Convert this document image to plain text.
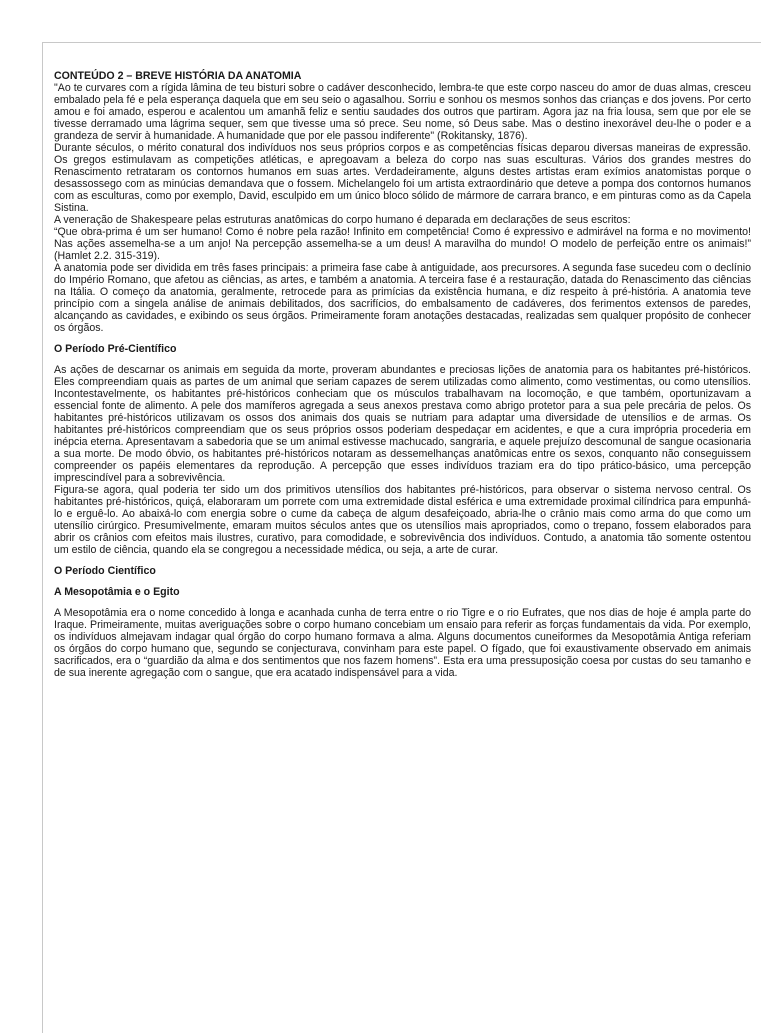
CONTEÚDO 2 – BREVE HISTÓRIA DA ANATOMIA

"Ao te curvares com a rígida lâmina de teu bisturi sobre o cadáver desconhecido, lembra-te que este corpo nasceu do amor de duas almas, cresceu embalado pela fé e pela esperança daquela que em seu seio o agasalhou. Sorriu e sonhou os mesmos sonhos das crianças e dos jovens. Por certo amou e foi amado, esperou e acalentou um amanhã feliz e sentiu saudades dos outros que partiram. Agora jaz na fria lousa, sem que por ele se tivesse derramado uma lágrima sequer, sem que tivesse uma só prece. Seu nome, só Deus sabe. Mas o destino inexorável deu-lhe o poder e a grandeza de servir à humanidade. A humanidade que por ele passou indiferente" (Rokitansky, 1876).

Durante séculos, o mérito conatural dos indivíduos nos seus próprios corpos e as competências físicas deparou diversas maneiras de expressão. Os gregos estimulavam as competições atléticas, e apregoavam a beleza do corpo nas suas esculturas. Vários dos grandes mestres do Renascimento retrataram os contornos humanos em suas artes. Verdadeiramente, alguns destes artistas eram exímios anatomistas porque o desassossego com as minúcias demandava que o fossem. Michelangelo foi um artista extraordinário que deteve a pompa dos contornos humanos com as esculturas, como por exemplo, David, esculpido em um único bloco sólido de mármore de carrara branco, e em pinturas como as da Capela Sistina.

A veneração de Shakespeare pelas estruturas anatômicas do corpo humano é deparada em declarações de seus escritos:

“Que obra-prima é um ser humano! Como é nobre pela razão! Infinito em competência! Como é expressivo e admirável na forma e no movimento! Nas ações assemelha-se a um anjo! Na percepção assemelha-se a um deus! A maravilha do mundo! O modelo de perfeição entre os animais!” (Hamlet 2.2. 315-319).

A anatomia pode ser dividida em três fases principais: a primeira fase cabe à antiguidade, aos precursores. A segunda fase sucedeu com o declínio do Império Romano, que afetou as ciências, as artes, e também a anatomia. A terceira fase é a restauração, datada do Renascimento das ciências na Itália. O começo da anatomia, geralmente, retrocede para as primícias da existência humana, e diz respeito à pré-história. A anatomia teve princípio com a singela análise de animais debilitados, dos sacrifícios, do embalsamento de cadáveres, dos ferimentos extensos de paredes, alcançando as cavidades, e exibindo os seus órgãos. Primeiramente foram anotações destacadas, realizadas sem qualquer propósito de conhecer os órgãos.

O Período Pré-Científico

As ações de descarnar os animais em seguida da morte, proveram abundantes e preciosas lições de anatomia para os habitantes pré-históricos. Eles compreendiam quais as partes de um animal que seriam capazes de serem utilizadas como alimento, como vestimentas, ou como utensílios. Incontestavelmente, os habitantes pré-históricos conheciam que os músculos trabalhavam na locomoção, e que também, oportunizavam a essencial fonte de alimento. A pele dos mamíferos agregada a seus anexos prestava como abrigo protetor para a sua pele precária de pelos. Os habitantes pré-históricos utilizavam os ossos dos animais dos quais se nutriam para adaptar uma diversidade de utensílios e de armas. Os habitantes pré-históricos compreendiam que os seus próprios ossos poderiam despedaçar em acidentes, e que a cura imprópria procederia em inépcia eterna. Apresentavam a sabedoria que se um animal estivesse machucado, sangraria, e aquele prejuízo descomunal de sangue ocasionaria a sua morte. De modo óbvio, os habitantes pré-históricos notaram as dessemelhanças anatômicas entre os sexos, conquanto não conseguissem compreender os papéis elementares da reprodução. A percepção que esses indivíduos traziam era do tipo prático-básico, uma percepção imprescindível para a sobrevivência.

Figura-se agora, qual poderia ter sido um dos primitivos utensílios dos habitantes pré-históricos, para observar o sistema nervoso central. Os habitantes pré-históricos, quiçá, elaboraram um porrete com uma extremidade distal esférica e uma extremidade proximal cilíndrica para empunhá-lo e erguê-lo. Ao abaixá-lo com energia sobre o cume da cabeça de algum desafeiçoado, abria-lhe o crânio mais como arma do que como um utensílio cirúrgico. Presumivelmente, emaram muitos séculos antes que os utensílios mais apropriados, como o trepano, fossem elaborados para abrir os crânios com efeitos mais ilustres, curativo, para comodidade, e sobrevivência dos indivíduos. Contudo, a anatomia tão somente ostentou um estilo de ciência, quando ela se congregou a necessidade médica, ou seja, a arte de curar.

O Período Científico
A Mesopotâmia e o Egito

A Mesopotâmia era o nome concedido à longa e acanhada cunha de terra entre o rio Tigre e o rio Eufrates, que nos dias de hoje é ampla parte do Iraque. Primeiramente, muitas averiguações sobre o corpo humano concebiam um ensaio para referir as forças fundamentais da vida. Por exemplo, os indivíduos almejavam indagar qual órgão do corpo humano formava a alma. Alguns documentos cuneiformes da Mesopotâmia Antiga referiam os órgãos do corpo humano que, segundo se conjecturava, convinham para este papel. O fígado, que foi exaustivamente observado em animais sacrificados, era o “guardião da alma e dos sentimentos que nos fazem homens”. Esta era uma pressuposição coesa por custas do seu tamanho e de sua inerente agregação com o sangue, que era acatado indispensável para a vida.
